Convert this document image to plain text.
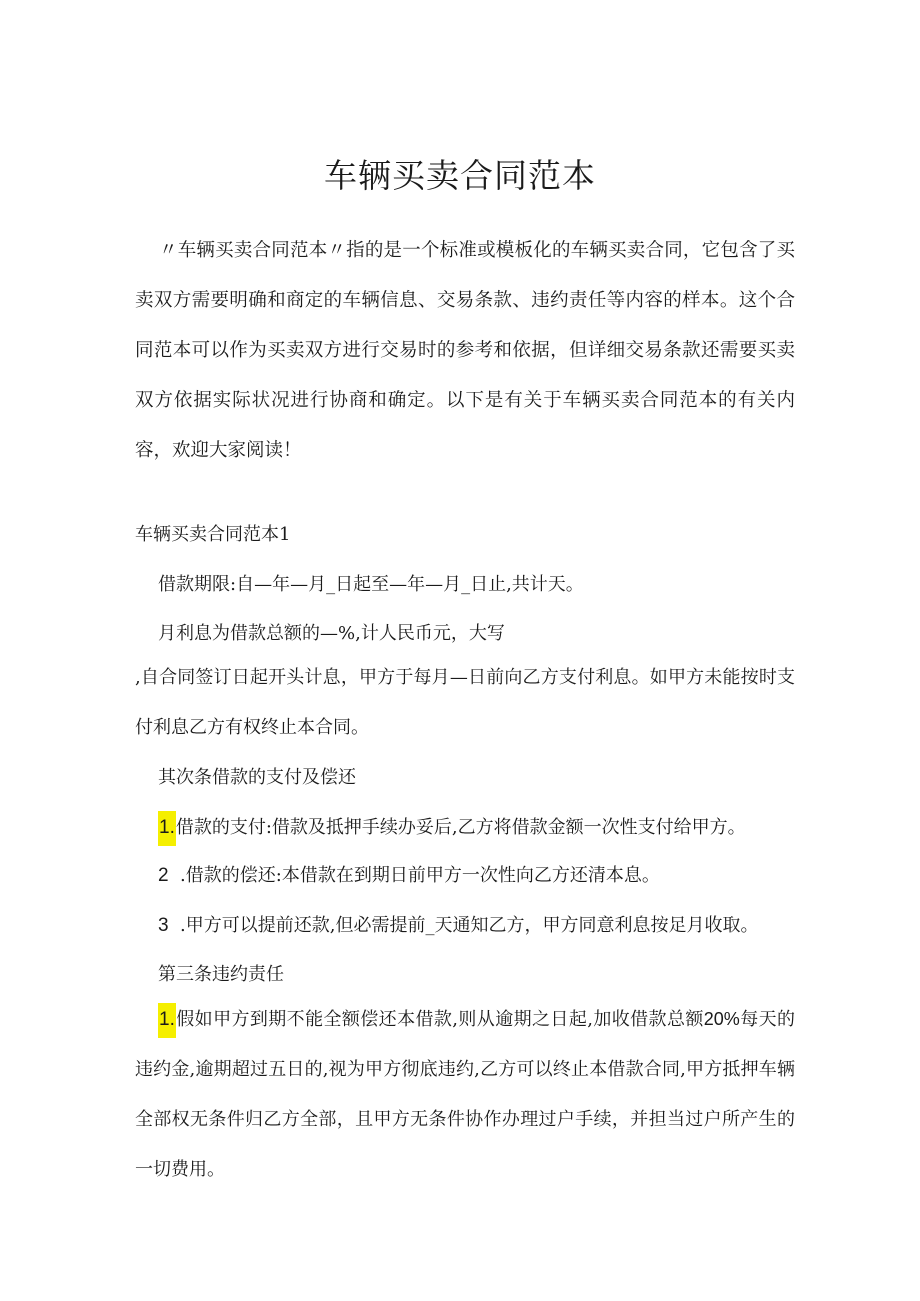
车辆买卖合同范本

〃车辆买卖合同范本〃指的是一个标准或模板化的车辆买卖合同，它包含了买卖双方需要明确和商定的车辆信息、交易条款、违约责任等内容的样本。这个合同范本可以作为买卖双方进行交易时的参考和依据，但详细交易条款还需要买卖双方依据实际状况进行协商和确定。以下是有关于车辆买卖合同范本的有关内容，欢迎大家阅读！

车辆买卖合同范本1

借款期限:自—年—月_日起至—年—月_日止,共计天。

月利息为借款总额的—%,计人民币元，大写

,自合同签订日起开头计息，甲方于每月—日前向乙方支付利息。如甲方未能按时支付利息乙方有权终止本合同。

其次条借款的支付及偿还

1.借款的支付:借款及抵押手续办妥后,乙方将借款金额一次性支付给甲方。

2 .借款的偿还:本借款在到期日前甲方一次性向乙方还清本息。

3 .甲方可以提前还款,但必需提前_天通知乙方，甲方同意利息按足月收取。

第三条违约责任

1.假如甲方到期不能全额偿还本借款,则从逾期之日起,加收借款总额20%每天的违约金,逾期超过五日的,视为甲方彻底违约,乙方可以终止本借款合同,甲方抵押车辆全部权无条件归乙方全部，且甲方无条件协作办理过户手续，并担当过户所产生的一切费用。
